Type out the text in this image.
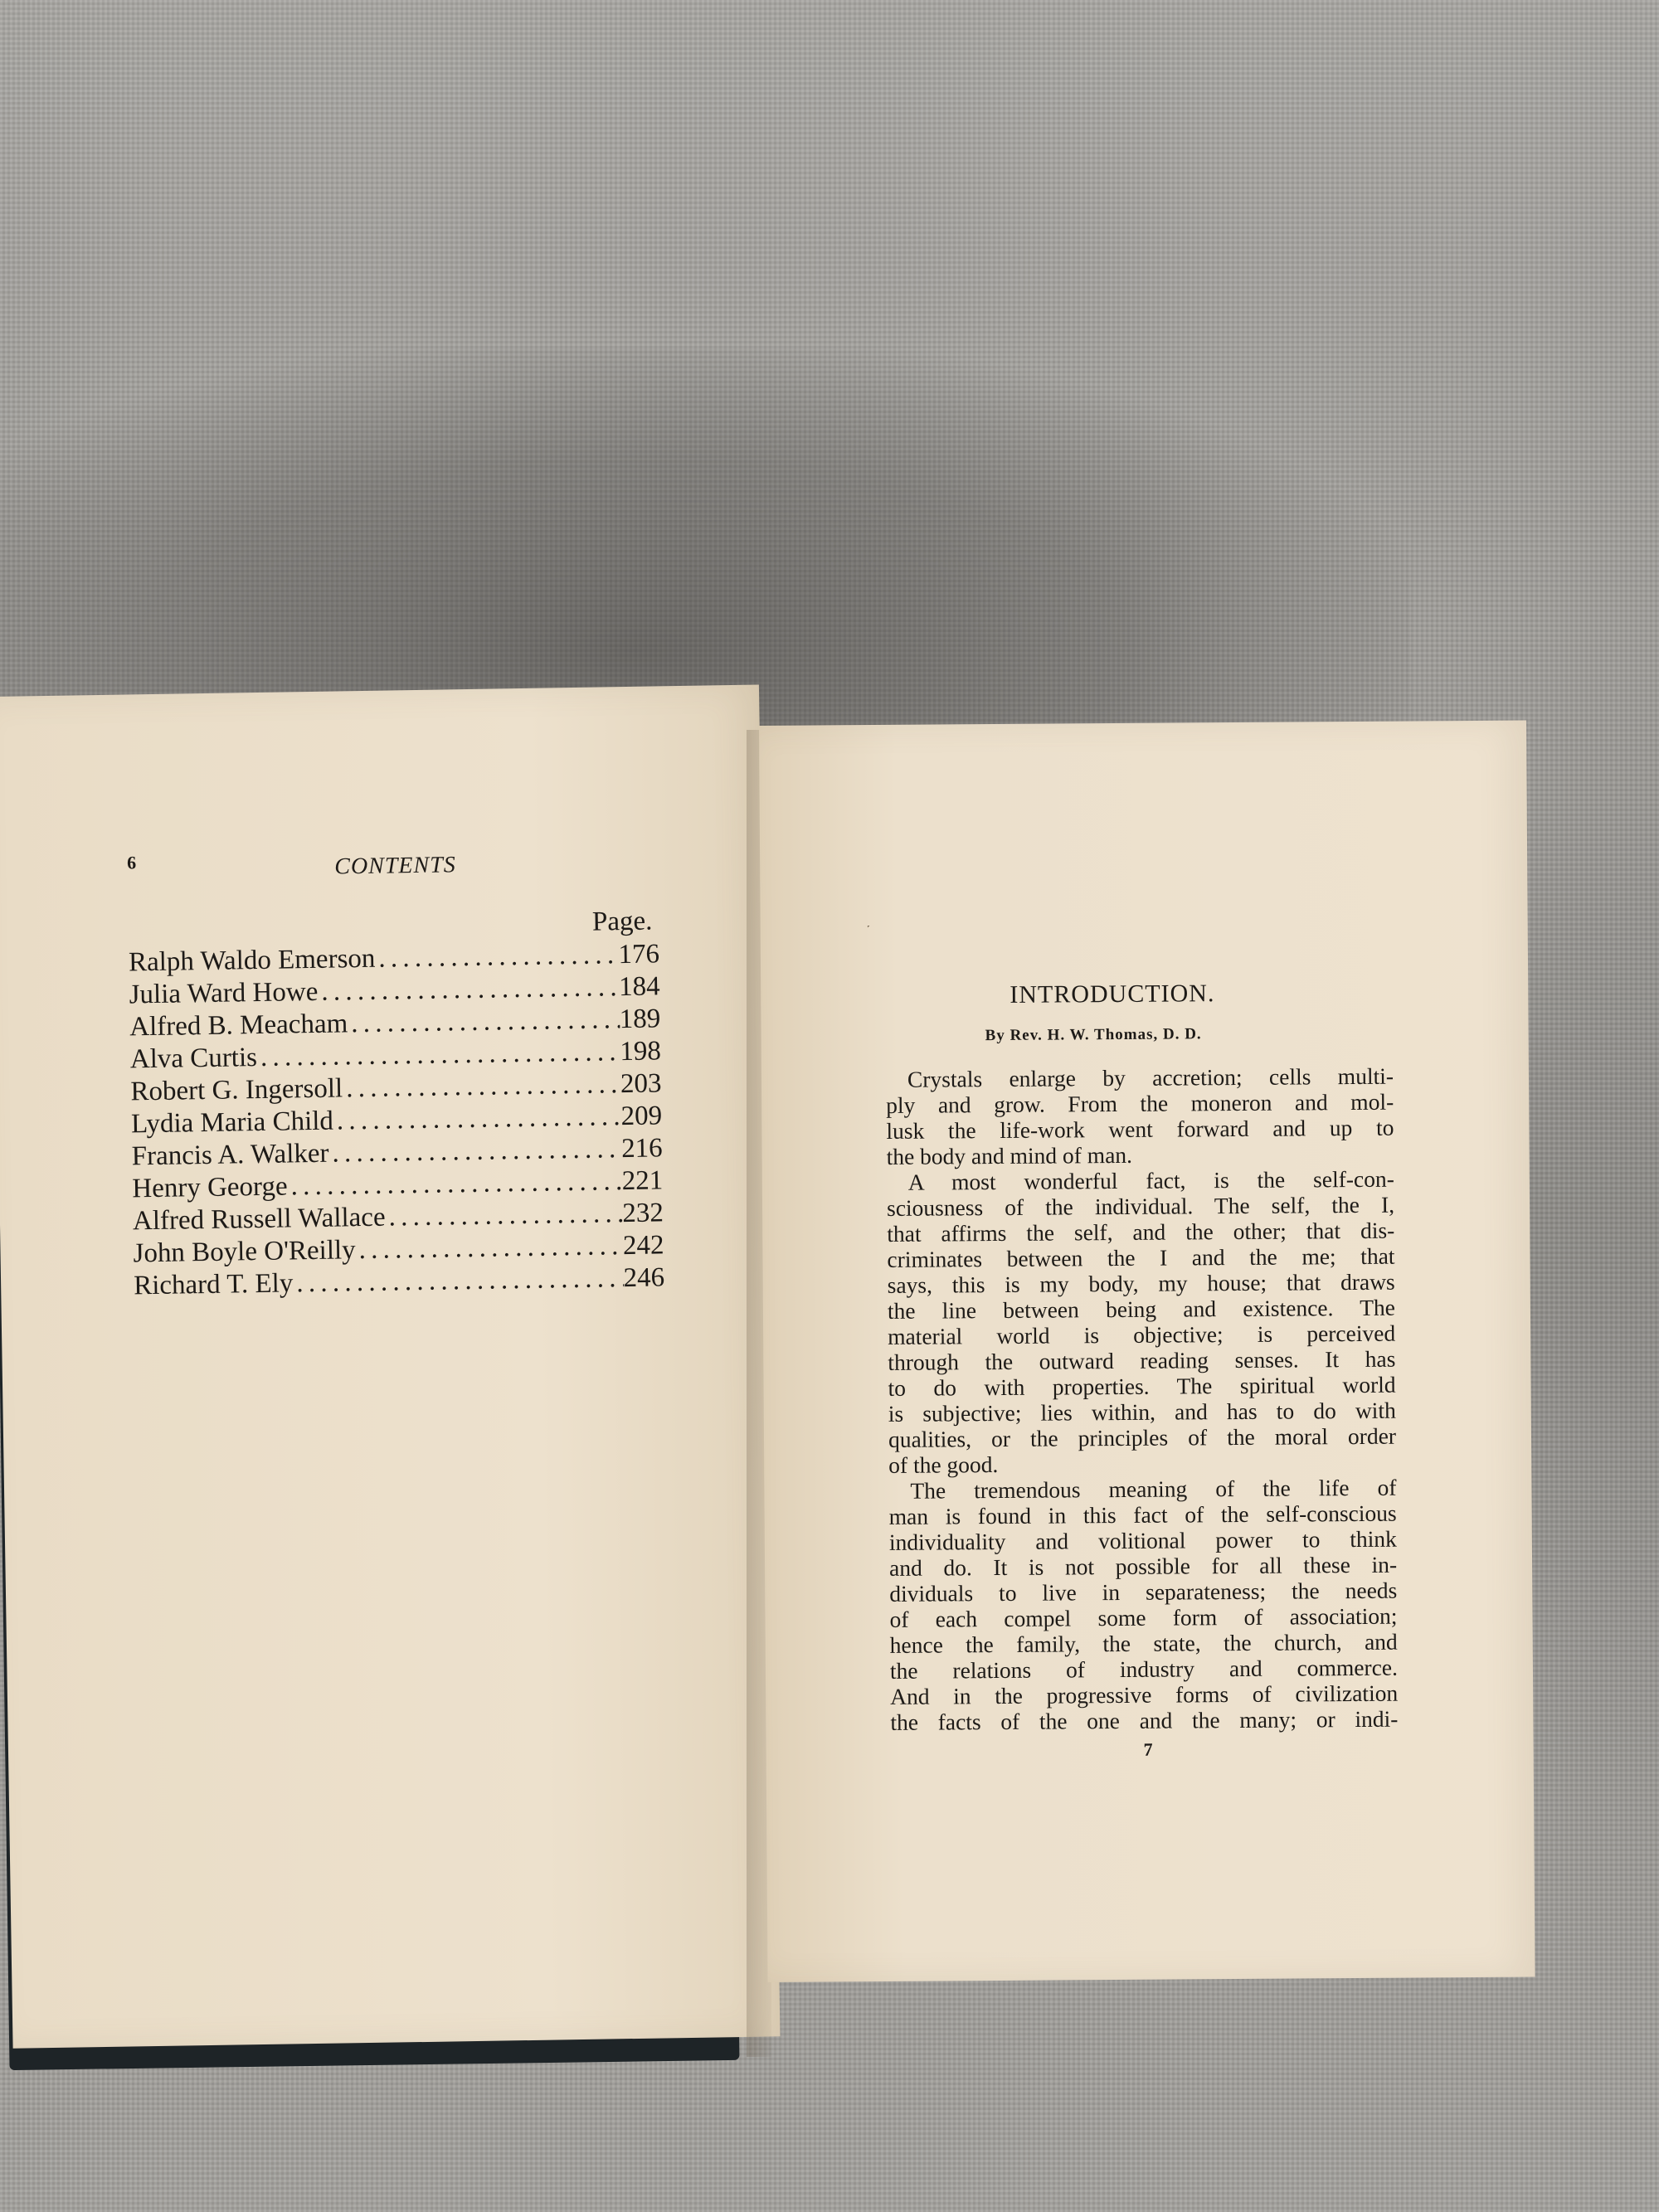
6	CONTENTS
Page.
Ralph Waldo Emerson . . .	176
Julia Ward Howe . . .	184
Alfred B. Meacham . . .	189
Alva Curtis . . .	198
Robert G. Ingersoll . . .	203
Lydia Maria Child . . .	209
Francis A. Walker . . .	216
Henry George . . .	221
Alfred Russell Wallace . . .	232
John Boyle O'Reilly . . .	242
Richard T. Ely . . .	246
˹
INTRODUCTION.
By Rev. H. W. Thomas, D. D.
Crystals enlarge by accretion; cells multi-
ply and grow. From the moneron and mol-
lusk the life-work went forward and up to
the body and mind of man.
A most wonderful fact, is the self-con-
sciousness of the individual. The self, the I,
that affirms the self, and the other; that dis-
criminates between the I and the me; that
says, this is my body, my house; that draws
the line between being and existence. The
material world is objective; is perceived
through the outward reading senses. It has
to do with properties. The spiritual world
is subjective; lies within, and has to do with
qualities, or the principles of the moral order
of the good.
The tremendous meaning of the life of
man is found in this fact of the self-conscious
individuality and volitional power to think
and do. It is not possible for all these in-
dividuals to live in separateness; the needs
of each compel some form of association;
hence the family, the state, the church, and
the relations of industry and commerce.
And in the progressive forms of civilization
the facts of the one and the many; or indi-
7
